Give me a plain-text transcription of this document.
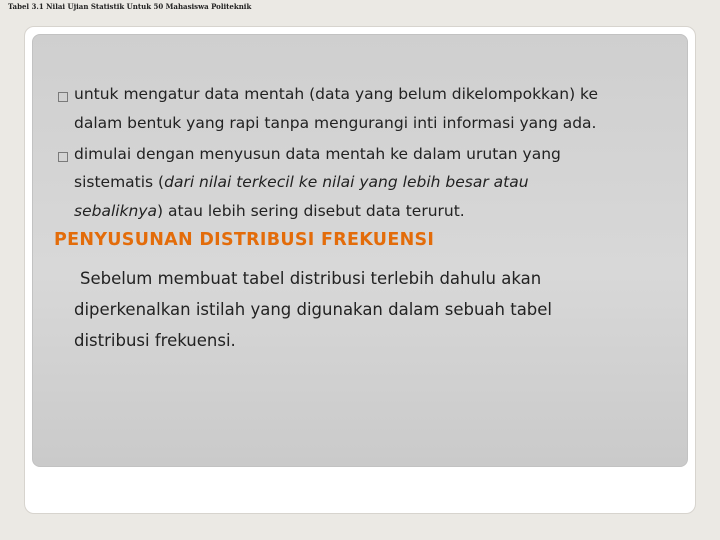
Tabel 3.1 Nilai Ujian Statistik Untuk 50 Mahasiswa Politeknik
untuk mengatur data mentah (data yang belum dikelompokkan) ke
dalam bentuk yang rapi tanpa mengurangi inti informasi yang ada.
dimulai dengan menyusun data mentah ke dalam urutan yang
sistematis (dari nilai terkecil ke nilai yang lebih besar atau
sebaliknya) atau lebih sering disebut data terurut.
PENYUSUNAN DISTRIBUSI FREKUENSI
Sebelum membuat tabel distribusi terlebih dahulu akan
diperkenalkan istilah yang digunakan dalam sebuah tabel
distribusi frekuensi.
